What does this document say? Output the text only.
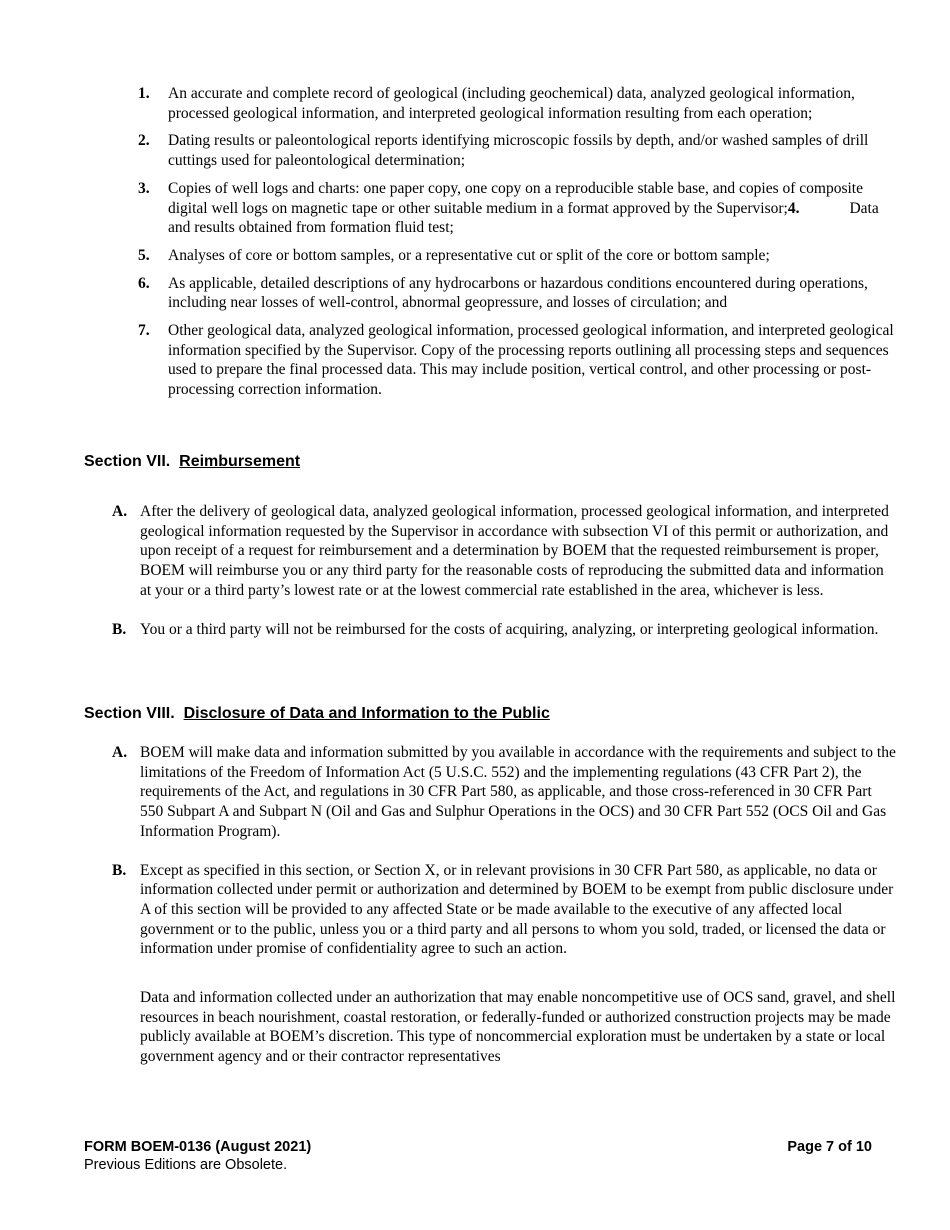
1. An accurate and complete record of geological (including geochemical) data, analyzed geological information, processed geological information, and interpreted geological information resulting from each operation;
2. Dating results or paleontological reports identifying microscopic fossils by depth, and/or washed samples of drill cuttings used for paleontological determination;
3. Copies of well logs and charts: one paper copy, one copy on a reproducible stable base, and copies of composite digital well logs on magnetic tape or other suitable medium in a format approved by the Supervisor;4.	Data and results obtained from formation fluid test;
5. Analyses of core or bottom samples, or a representative cut or split of the core or bottom sample;
6. As applicable, detailed descriptions of any hydrocarbons or hazardous conditions encountered during operations, including near losses of well-control, abnormal geopressure, and losses of circulation; and
7. Other geological data, analyzed geological information, processed geological information, and interpreted geological information specified by the Supervisor. Copy of the processing reports outlining all processing steps and sequences used to prepare the final processed data. This may include position, vertical control, and other processing or post-processing correction information.
Section VII. Reimbursement
A. After the delivery of geological data, analyzed geological information, processed geological information, and interpreted geological information requested by the Supervisor in accordance with subsection VI of this permit or authorization, and upon receipt of a request for reimbursement and a determination by BOEM that the requested reimbursement is proper, BOEM will reimburse you or any third party for the reasonable costs of reproducing the submitted data and information at your or a third party’s lowest rate or at the lowest commercial rate established in the area, whichever is less.
B. You or a third party will not be reimbursed for the costs of acquiring, analyzing, or interpreting geological information.
Section VIII. Disclosure of Data and Information to the Public
A. BOEM will make data and information submitted by you available in accordance with the requirements and subject to the limitations of the Freedom of Information Act (5 U.S.C. 552) and the implementing regulations (43 CFR Part 2), the requirements of the Act, and regulations in 30 CFR Part 580, as applicable, and those cross-referenced in 30 CFR Part 550 Subpart A and Subpart N (Oil and Gas and Sulphur Operations in the OCS) and 30 CFR Part 552 (OCS Oil and Gas Information Program).
B. Except as specified in this section, or Section X, or in relevant provisions in 30 CFR Part 580, as applicable, no data or information collected under permit or authorization and determined by BOEM to be exempt from public disclosure under A of this section will be provided to any affected State or be made available to the executive of any affected local government or to the public, unless you or a third party and all persons to whom you sold, traded, or licensed the data or information under promise of confidentiality agree to such an action.

Data and information collected under an authorization that may enable noncompetitive use of OCS sand, gravel, and shell resources in beach nourishment, coastal restoration, or federally-funded or authorized construction projects may be made publicly available at BOEM’s discretion. This type of noncommercial exploration must be undertaken by a state or local government agency and or their contractor representatives

FORM BOEM-0136 (August 2021)
Previous Editions are Obsolete.
Page 7 of 10
